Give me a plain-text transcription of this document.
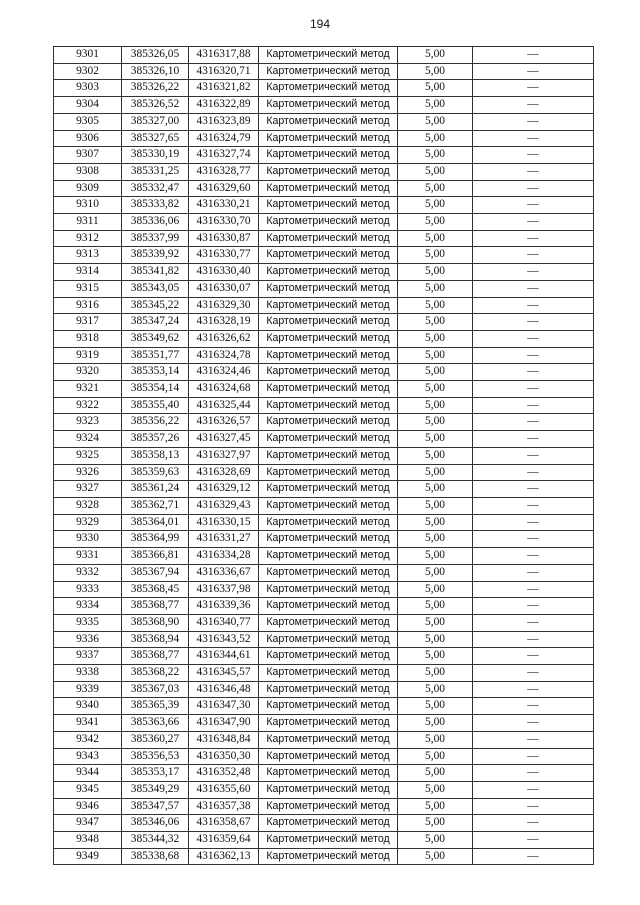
194
9301	385326,05	4316317,88	Картометрический метод	5,00	—
9302	385326,10	4316320,71	Картометрический метод	5,00	—
9303	385326,22	4316321,82	Картометрический метод	5,00	—
9304	385326,52	4316322,89	Картометрический метод	5,00	—
9305	385327,00	4316323,89	Картометрический метод	5,00	—
9306	385327,65	4316324,79	Картометрический метод	5,00	—
9307	385330,19	4316327,74	Картометрический метод	5,00	—
9308	385331,25	4316328,77	Картометрический метод	5,00	—
9309	385332,47	4316329,60	Картометрический метод	5,00	—
9310	385333,82	4316330,21	Картометрический метод	5,00	—
9311	385336,06	4316330,70	Картометрический метод	5,00	—
9312	385337,99	4316330,87	Картометрический метод	5,00	—
9313	385339,92	4316330,77	Картометрический метод	5,00	—
9314	385341,82	4316330,40	Картометрический метод	5,00	—
9315	385343,05	4316330,07	Картометрический метод	5,00	—
9316	385345,22	4316329,30	Картометрический метод	5,00	—
9317	385347,24	4316328,19	Картометрический метод	5,00	—
9318	385349,62	4316326,62	Картометрический метод	5,00	—
9319	385351,77	4316324,78	Картометрический метод	5,00	—
9320	385353,14	4316324,46	Картометрический метод	5,00	—
9321	385354,14	4316324,68	Картометрический метод	5,00	—
9322	385355,40	4316325,44	Картометрический метод	5,00	—
9323	385356,22	4316326,57	Картометрический метод	5,00	—
9324	385357,26	4316327,45	Картометрический метод	5,00	—
9325	385358,13	4316327,97	Картометрический метод	5,00	—
9326	385359,63	4316328,69	Картометрический метод	5,00	—
9327	385361,24	4316329,12	Картометрический метод	5,00	—
9328	385362,71	4316329,43	Картометрический метод	5,00	—
9329	385364,01	4316330,15	Картометрический метод	5,00	—
9330	385364,99	4316331,27	Картометрический метод	5,00	—
9331	385366,81	4316334,28	Картометрический метод	5,00	—
9332	385367,94	4316336,67	Картометрический метод	5,00	—
9333	385368,45	4316337,98	Картометрический метод	5,00	—
9334	385368,77	4316339,36	Картометрический метод	5,00	—
9335	385368,90	4316340,77	Картометрический метод	5,00	—
9336	385368,94	4316343,52	Картометрический метод	5,00	—
9337	385368,77	4316344,61	Картометрический метод	5,00	—
9338	385368,22	4316345,57	Картометрический метод	5,00	—
9339	385367,03	4316346,48	Картометрический метод	5,00	—
9340	385365,39	4316347,30	Картометрический метод	5,00	—
9341	385363,66	4316347,90	Картометрический метод	5,00	—
9342	385360,27	4316348,84	Картометрический метод	5,00	—
9343	385356,53	4316350,30	Картометрический метод	5,00	—
9344	385353,17	4316352,48	Картометрический метод	5,00	—
9345	385349,29	4316355,60	Картометрический метод	5,00	—
9346	385347,57	4316357,38	Картометрический метод	5,00	—
9347	385346,06	4316358,67	Картометрический метод	5,00	—
9348	385344,32	4316359,64	Картометрический метод	5,00	—
9349	385338,68	4316362,13	Картометрический метод	5,00	—
